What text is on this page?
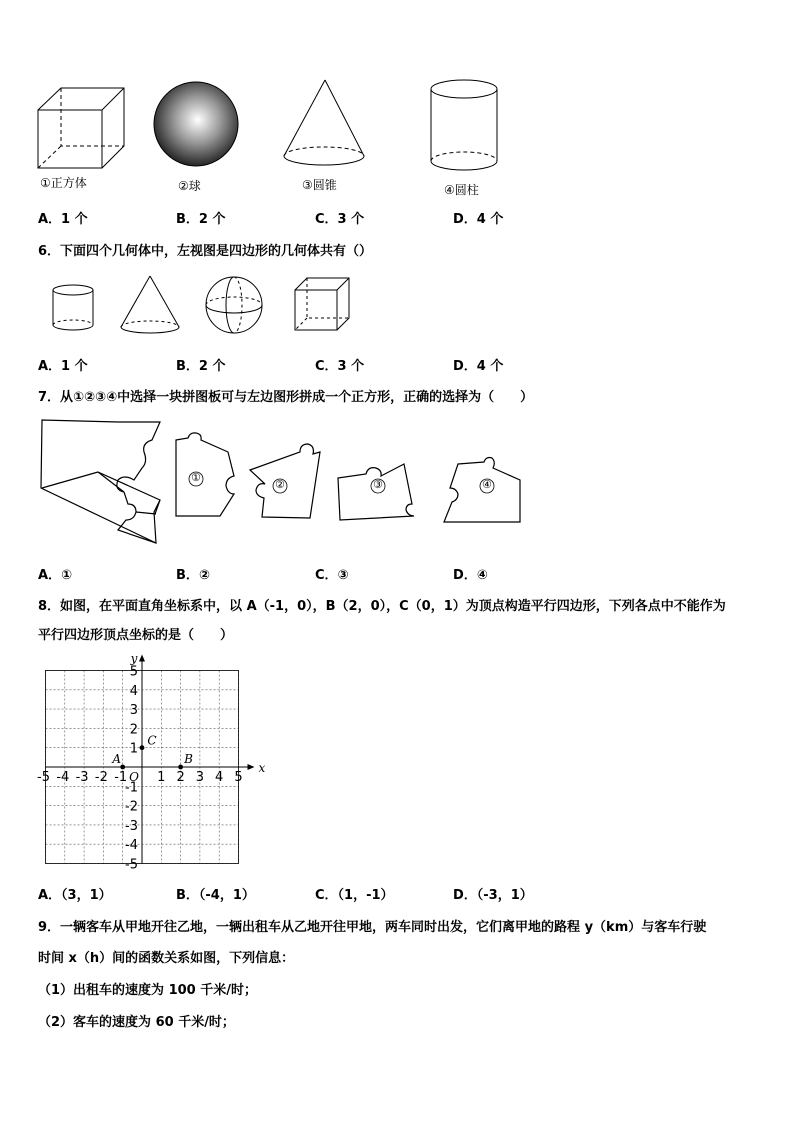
①正方体	②球	③圆锥	④圆柱
A．1 个	B．2 个	C．3 个	D．4 个
6．下面四个几何体中，左视图是四边形的几何体共有（）
A．1 个	B．2 个	C．3 个	D．4 个
7．从①②③④中选择一块拼图板可与左边图形拼成一个正方形，正确的选择为（　　）
①
②	③	④
A．①	B．②	C．③	D．④
8．如图，在平面直角坐标系中，以 A（-1，0），B（2，0），C（0，1）为顶点构造平行四边形，下列各点中不能作为
平行四边形顶点坐标的是（　　）
x
y
O
-5 -4 -3 -2 -1 1 2 3 4 5
5
4
3
2
1
-1
-2
-3
-4
-5
A	B
C
A．（3，1）	B．（-4，1）	C．（1，-1）	D．（-3，1）
9．一辆客车从甲地开往乙地，一辆出租车从乙地开往甲地，两车同时出发，它们离甲地的路程 y（km）与客车行驶
时间 x（h）间的函数关系如图，下列信息：
（1）出租车的速度为 100 千米/时；
（2）客车的速度为 60 千米/时；
